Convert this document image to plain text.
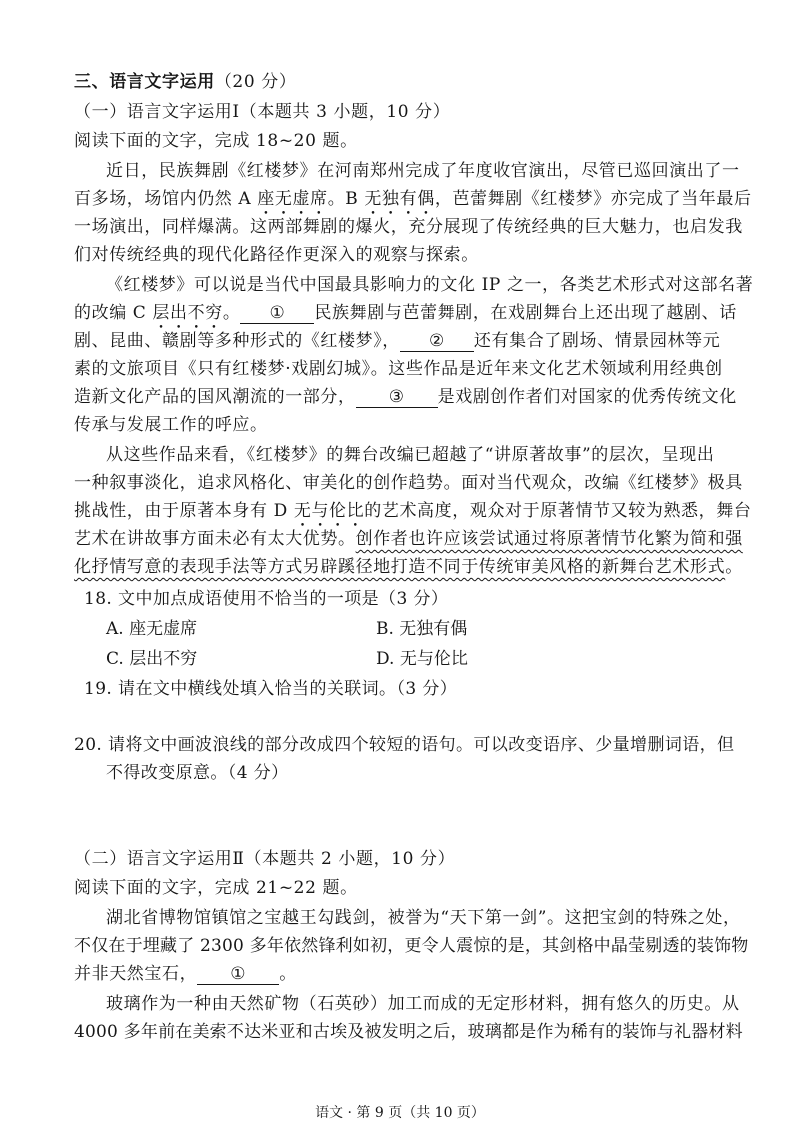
三、语言文字运用（20 分）
（一）语言文字运用Ⅰ（本题共 3 小题，10 分）
阅读下面的文字，完成 18~20 题。
近日，民族舞剧《红楼梦》在河南郑州完成了年度收官演出，尽管已巡回演出了一
百多场，场馆内仍然 A 座无虚席。B 无独有偶，芭蕾舞剧《红楼梦》亦完成了当年最后
一场演出，同样爆满。这两部舞剧的爆火，充分展现了传统经典的巨大魅力，也启发我
们对传统经典的现代化路径作更深入的观察与探索。
《红楼梦》可以说是当代中国最具影响力的文化 IP 之一，各类艺术形式对这部名著
的改编 C 层出不穷。 ① 民族舞剧与芭蕾舞剧，在戏剧舞台上还出现了越剧、话
剧、昆曲、赣剧等多种形式的《红楼梦》， ② 还有集合了剧场、情景园林等元
素的文旅项目《只有红楼梦·戏剧幻城》。这些作品是近年来文化艺术领域利用经典创
造新文化产品的国风潮流的一部分， ③ 是戏剧创作者们对国家的优秀传统文化
传承与发展工作的呼应。
从这些作品来看，《红楼梦》的舞台改编已超越了“讲原著故事”的层次，呈现出
一种叙事淡化，追求风格化、审美化的创作趋势。面对当代观众，改编《红楼梦》极具
挑战性，由于原著本身有 D 无与伦比的艺术高度，观众对于原著情节又较为熟悉，舞台
艺术在讲故事方面未必有太大优势。创作者也许应该尝试通过将原著情节化繁为简和强
化抒情写意的表现手法等方式另辟蹊径地打造不同于传统审美风格的新舞台艺术形式。
18. 文中加点成语使用不恰当的一项是（3 分）
A. 座无虚席	B. 无独有偶
C. 层出不穷	D. 无与伦比
19. 请在文中横线处填入恰当的关联词。（3 分）
20. 请将文中画波浪线的部分改成四个较短的语句。可以改变语序、少量增删词语，但
不得改变原意。（4 分）
（二）语言文字运用Ⅱ（本题共 2 小题，10 分）
阅读下面的文字，完成 21~22 题。
湖北省博物馆镇馆之宝越王勾践剑，被誉为“天下第一剑”。这把宝剑的特殊之处，
不仅在于埋藏了 2300 多年依然锋利如初，更令人震惊的是，其剑格中晶莹剔透的装饰物
并非天然宝石， ① 。
玻璃作为一种由天然矿物（石英砂）加工而成的无定形材料，拥有悠久的历史。从
4000 多年前在美索不达米亚和古埃及被发明之后，玻璃都是作为稀有的装饰与礼器材料
语文 · 第 9 页（共 10 页）
